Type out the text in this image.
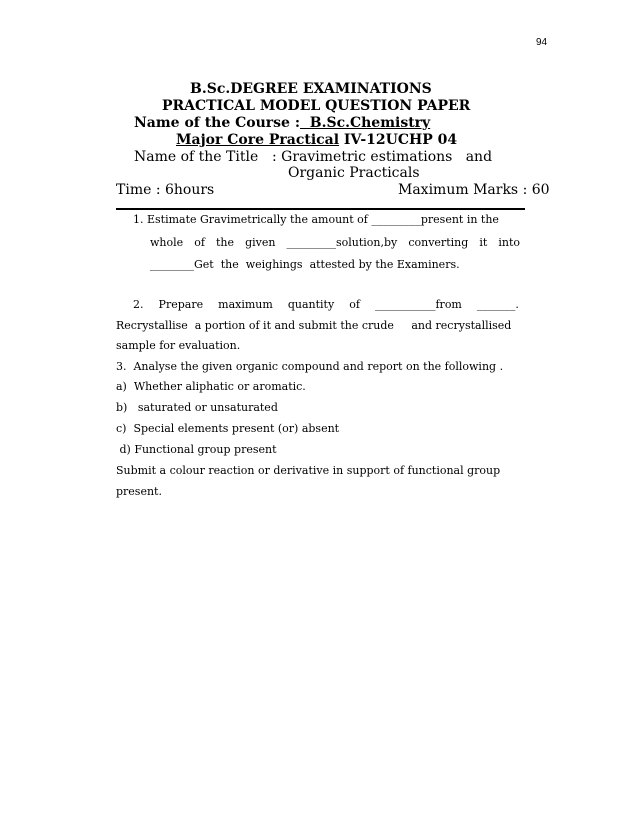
94
B.Sc.DEGREE EXAMINATIONS
PRACTICAL MODEL QUESTION PAPER
Name of the Course :  B.Sc.Chemistry
Major Core Practical IV-12UCHP 04
Name of the Title : Gravimetric estimations   and
Organic Practicals
Time : 6hours	Maximum Marks : 60
1. Estimate Gravimetrically the amount of _________present in the
whole of the given _________solution,by converting it into
________Get  the  weighings  attested by the Examiners.
2. Prepare maximum quantity of ___________from _______.
Recrystallise  a portion of it and submit the crude     and recrystallised
sample for evaluation.
3.  Analyse the given organic compound and report on the following .
a)  Whether aliphatic or aromatic.
b)   saturated or unsaturated
c)  Special elements present (or) absent
d) Functional group present
Submit a colour reaction or derivative in support of functional group
present.
